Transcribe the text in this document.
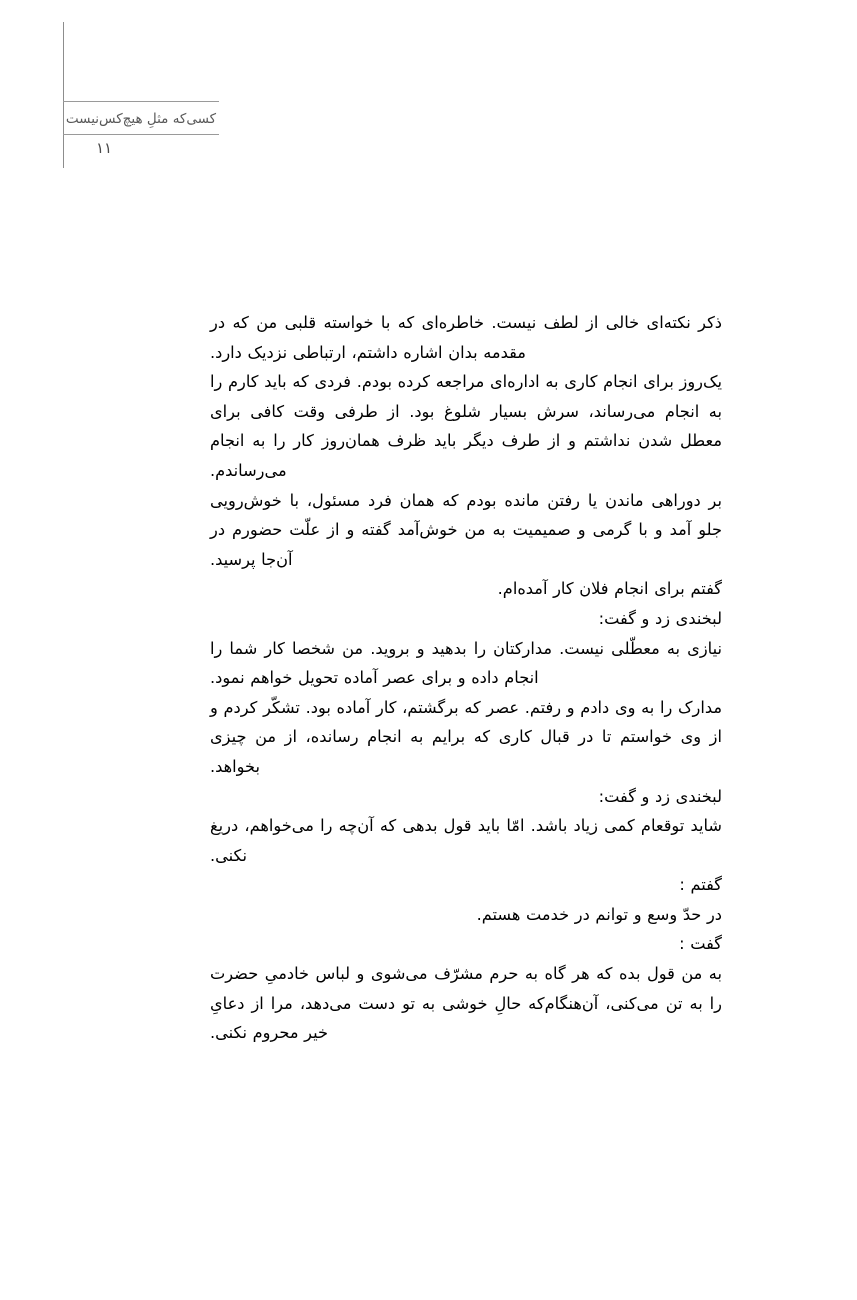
کسی‌که مثلِ هیچ‌کس‌نیست
۱۱

ذکر نکته‌ای خالی از لطف نیست. خاطره‌ای که با خواسته قلبی من که در مقدمه بدان اشاره داشتم، ارتباطی نزدیک دارد.

یک‌روز برای انجام کاری به اداره‌ای مراجعه کرده بودم. فردی که باید کارم را به انجام می‌رساند، سرش بسیار شلوغ بود. از طرفی وقت کافی برای معطل شدن نداشتم و از طرف دیگر باید ظرف همان‌روز کار را به انجام می‌رساندم.

بر دوراهی ماندن یا رفتن مانده بودم که همان فرد مسئول، با خوش‌رویی جلو آمد و با گرمی و صمیمیت به من خوش‌آمد گفته و از علّت حضورم در آن‌جا پرسید.

گفتم برای انجام فلان کار آمده‌ام.

لبخندی زد و گفت:

نیازی به معطّلی نیست. مدارکتان را بدهید و بروید. من شخصا کار شما را انجام داده و برای عصر آماده تحویل خواهم نمود.

مدارک را به وی دادم و رفتم. عصر که برگشتم، کار آماده بود. تشکّر کردم و از وی خواستم تا در قبال کاری که برایم به انجام رسانده، از من چیزی بخواهد.

لبخندی زد و گفت:

شاید توقعام کمی زیاد باشد. امّا باید قول بدهی که آن‌چه را می‌خواهم، دریغ نکنی.

گفتم :

در حدّ وسع و توانم در خدمت هستم.

گفت :

به من قول بده که هر گاه به حرم مشرّف می‌شوی و لباس خادمیِ حضرت را به تن می‌کنی، آن‌هنگام‌که حالِ خوشی به تو دست می‌دهد، مرا از دعایِ خیر محروم نکنی.
